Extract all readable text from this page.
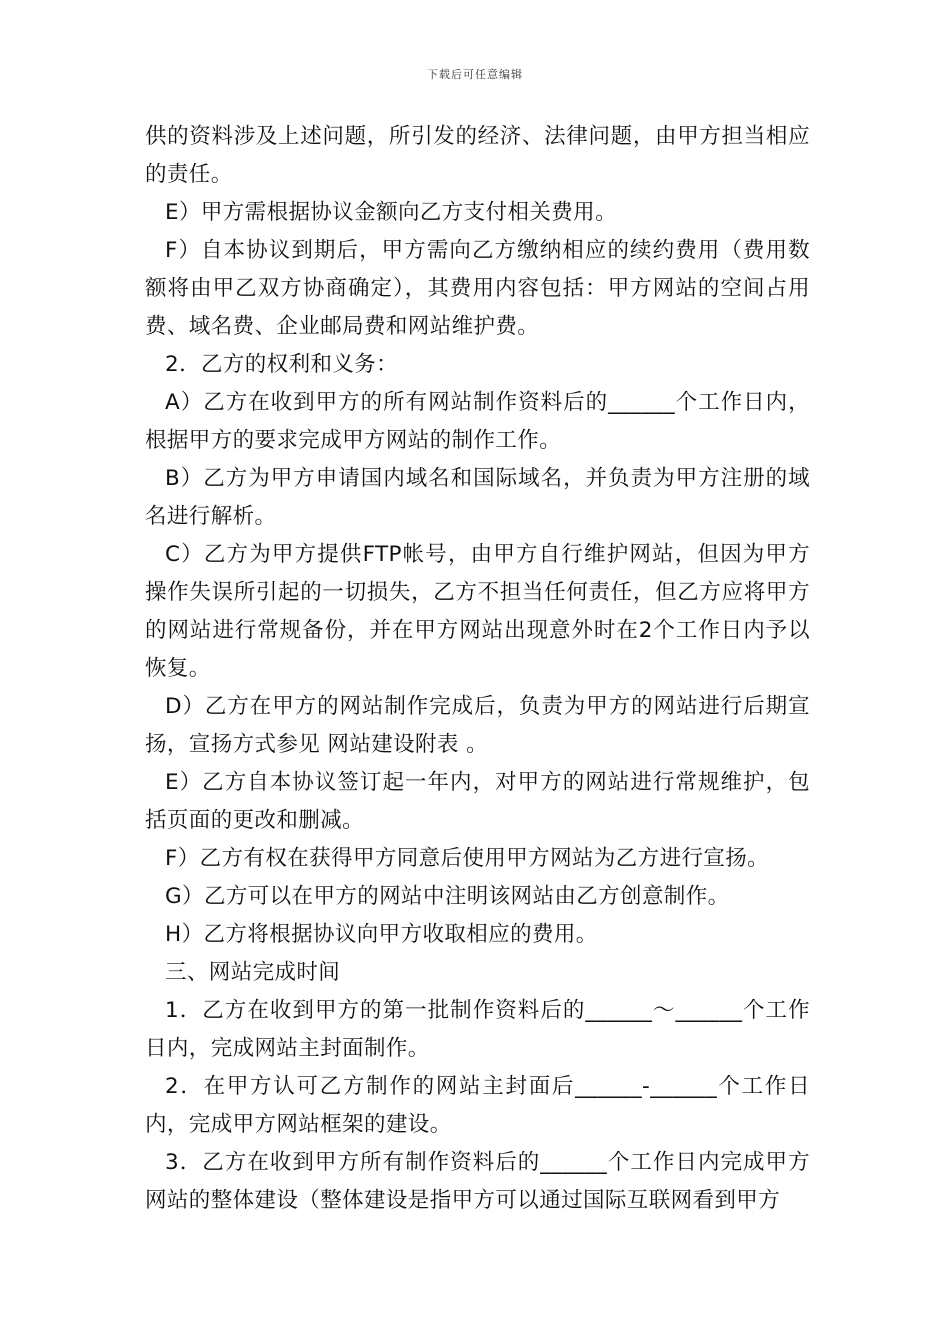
下载后可任意编辑

供的资料涉及上述问题，所引发的经济、法律问题，由甲方担当相应的责任。

E）甲方需根据协议金额向乙方支付相关费用。

F）自本协议到期后，甲方需向乙方缴纳相应的续约费用（费用数额将由甲乙双方协商确定），其费用内容包括：甲方网站的空间占用费、域名费、企业邮局费和网站维护费。

2．乙方的权利和义务：

A）乙方在收到甲方的所有网站制作资料后的______个工作日内，根据甲方的要求完成甲方网站的制作工作。

B）乙方为甲方申请国内域名和国际域名，并负责为甲方注册的域名进行解析。

C）乙方为甲方提供FTP帐号，由甲方自行维护网站，但因为甲方操作失误所引起的一切损失，乙方不担当任何责任，但乙方应将甲方的网站进行常规备份，并在甲方网站出现意外时在2个工作日内予以恢复。

D）乙方在甲方的网站制作完成后，负责为甲方的网站进行后期宣扬，宣扬方式参见 网站建设附表 。

E）乙方自本协议签订起一年内，对甲方的网站进行常规维护，包括页面的更改和删减。

F）乙方有权在获得甲方同意后使用甲方网站为乙方进行宣扬。

G）乙方可以在甲方的网站中注明该网站由乙方创意制作。

H）乙方将根据协议向甲方收取相应的费用。

三、网站完成时间

1．乙方在收到甲方的第一批制作资料后的______～______个工作日内，完成网站主封面制作。

2．在甲方认可乙方制作的网站主封面后______-______个工作日内，完成甲方网站框架的建设。

3．乙方在收到甲方所有制作资料后的______个工作日内完成甲方网站的整体建设（整体建设是指甲方可以通过国际互联网看到甲方
